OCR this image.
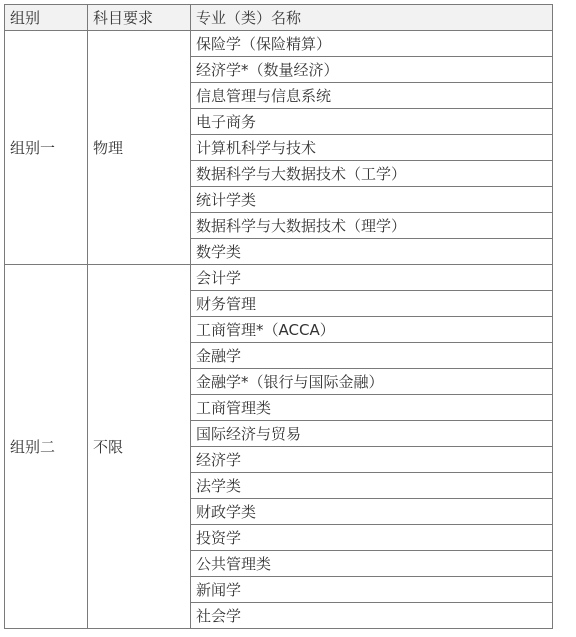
组别	科目要求	专业（类）名称
组别一	物理	保险学（保险精算）
		经济学*（数量经济）
		信息管理与信息系统
		电子商务
		计算机科学与技术
		数据科学与大数据技术（工学）
		统计学类
		数据科学与大数据技术（理学）
		数学类
组别二	不限	会计学
		财务管理
		工商管理*（ACCA）
		金融学
		金融学*（银行与国际金融）
		工商管理类
		国际经济与贸易
		经济学
		法学类
		财政学类
		投资学
		公共管理类
		新闻学
		社会学
